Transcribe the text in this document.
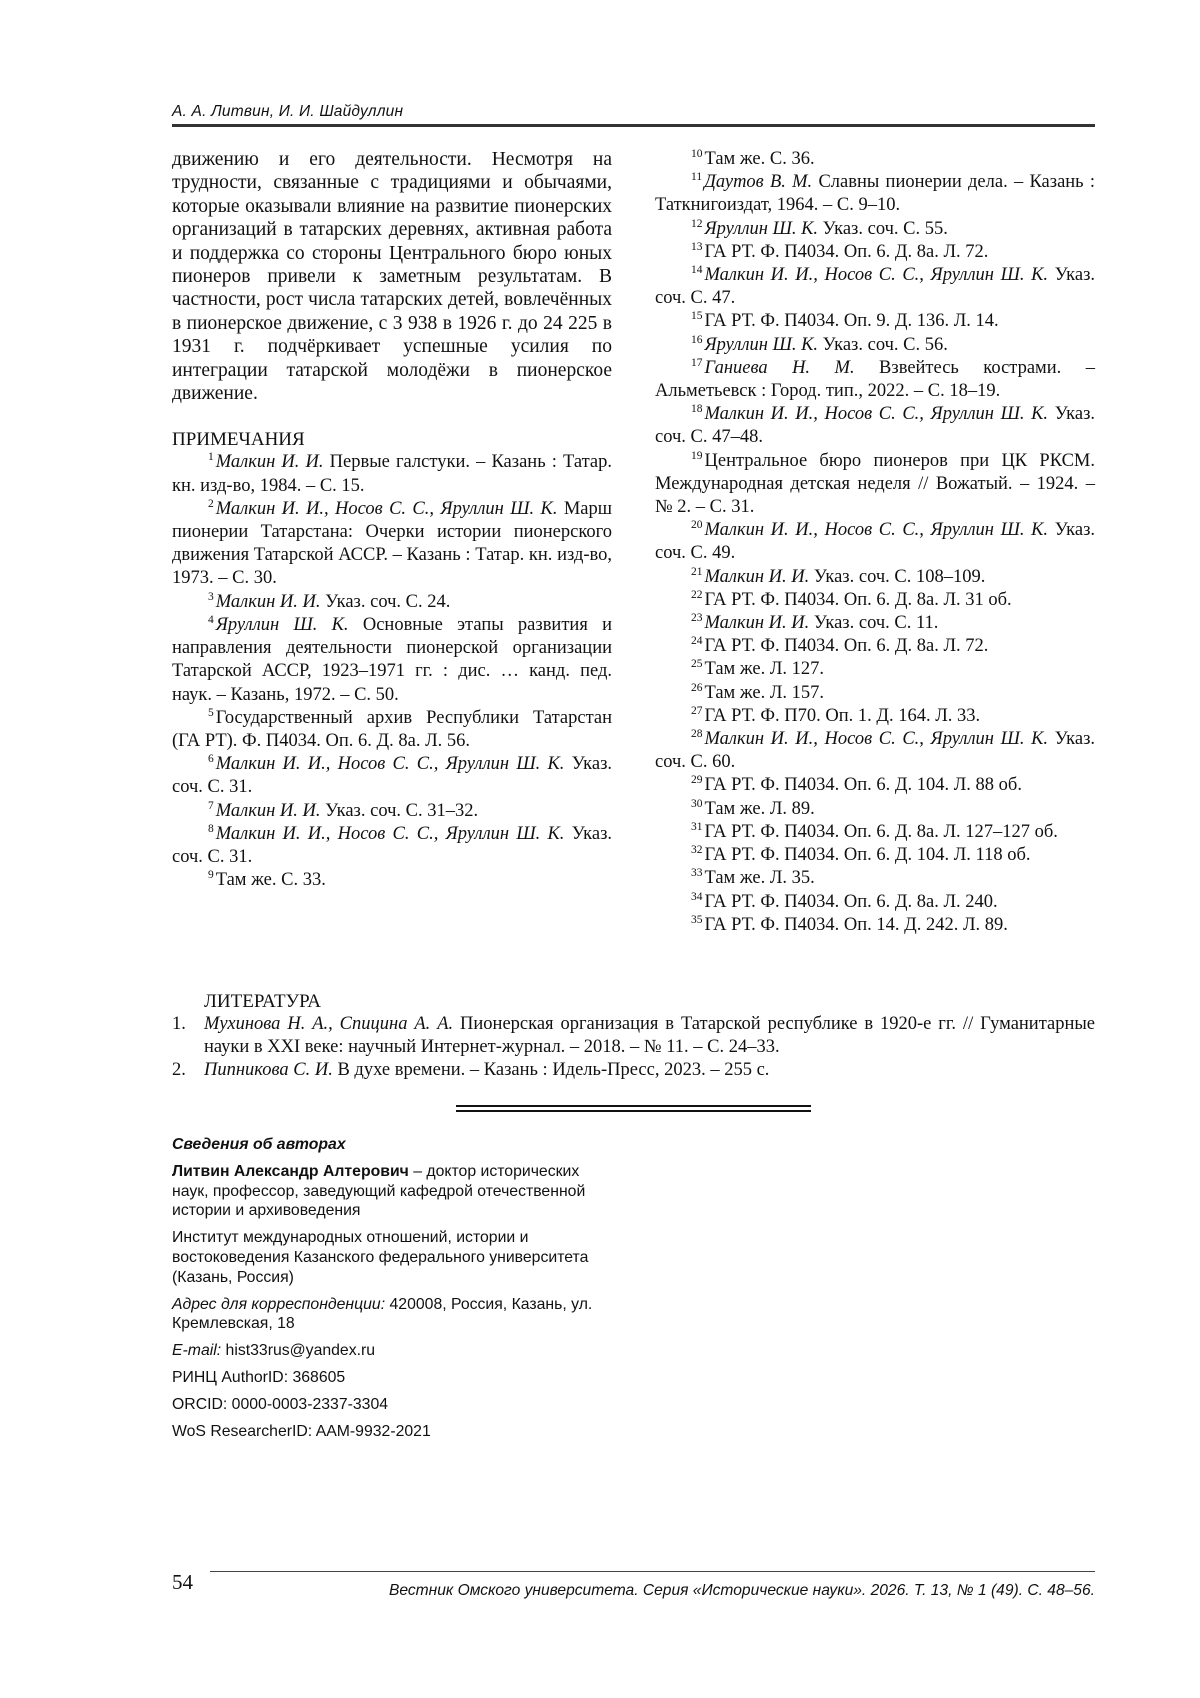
А. А. Литвин, И. И. Шайдуллин

движению и его деятельности. Несмотря на трудности, связанные с традициями и обычаями, которые оказывали влияние на развитие пионерских организаций в татарских деревнях, активная работа и поддержка со стороны Центрального бюро юных пионеров привели к заметным результатам. В частности, рост числа татарских детей, вовлечённых в пионерское движение, с 3 938 в 1926 г. до 24 225 в 1931 г. подчёркивает успешные усилия по интеграции татарской молодёжи в пионерское движение.

ПРИМЕЧАНИЯ

$^1$ Малкин И. И. Первые галстуки. – Казань : Татар. кн. изд-во, 1984. – С. 15.

$^2$ Малкин И. И., Носов С. С., Яруллин Ш. К. Марш пионерии Татарстана: Очерки истории пионерского движения Татарской АССР. – Казань : Татар. кн. изд-во, 1973. – С. 30.

$^3$ Малкин И. И. Указ. соч. С. 24.

$^4$ Яруллин Ш. К. Основные этапы развития и направления деятельности пионерской организации Татарской АССР, 1923–1971 гг. : дис. … канд. пед. наук. – Казань, 1972. – С. 50.

$^5$ Государственный архив Республики Татарстан (ГА РТ). Ф. П4034. Оп. 6. Д. 8а. Л. 56.

$^6$ Малкин И. И., Носов С. С., Яруллин Ш. К. Указ. соч. С. 31.

$^7$ Малкин И. И. Указ. соч. С. 31–32.

$^8$ Малкин И. И., Носов С. С., Яруллин Ш. К. Указ. соч. С. 31.

$^9$ Там же. С. 33.

$^{10}$ Там же. С. 36.

$^{11}$ Даутов В. М. Славны пионерии дела. – Казань : Таткнигоиздат, 1964. – С. 9–10.

$^{12}$ Яруллин Ш. К. Указ. соч. С. 55.

$^{13}$ ГА РТ. Ф. П4034. Оп. 6. Д. 8а. Л. 72.

$^{14}$ Малкин И. И., Носов С. С., Яруллин Ш. К. Указ. соч. С. 47.

$^{15}$ ГА РТ. Ф. П4034. Оп. 9. Д. 136. Л. 14.

$^{16}$ Яруллин Ш. К. Указ. соч. С. 56.

$^{17}$ Ганиева Н. М. Взвейтесь кострами. – Альметьевск : Город. тип., 2022. – С. 18–19.

$^{18}$ Малкин И. И., Носов С. С., Яруллин Ш. К. Указ. соч. С. 47–48.

$^{19}$ Центральное бюро пионеров при ЦК РКСМ. Международная детская неделя // Вожатый. – 1924. – № 2. – С. 31.

$^{20}$ Малкин И. И., Носов С. С., Яруллин Ш. К. Указ. соч. С. 49.

$^{21}$ Малкин И. И. Указ. соч. С. 108–109.

$^{22}$ ГА РТ. Ф. П4034. Оп. 6. Д. 8а. Л. 31 об.

$^{23}$ Малкин И. И. Указ. соч. С. 11.

$^{24}$ ГА РТ. Ф. П4034. Оп. 6. Д. 8а. Л. 72.

$^{25}$ Там же. Л. 127.

$^{26}$ Там же. Л. 157.

$^{27}$ ГА РТ. Ф. П70. Оп. 1. Д. 164. Л. 33.

$^{28}$ Малкин И. И., Носов С. С., Яруллин Ш. К. Указ. соч. С. 60.

$^{29}$ ГА РТ. Ф. П4034. Оп. 6. Д. 104. Л. 88 об.

$^{30}$ Там же. Л. 89.

$^{31}$ ГА РТ. Ф. П4034. Оп. 6. Д. 8а. Л. 127–127 об.

$^{32}$ ГА РТ. Ф. П4034. Оп. 6. Д. 104. Л. 118 об.

$^{33}$ Там же. Л. 35.

$^{34}$ ГА РТ. Ф. П4034. Оп. 6. Д. 8а. Л. 240.

$^{35}$ ГА РТ. Ф. П4034. Оп. 14. Д. 242. Л. 89.

ЛИТЕРАТУРА

1. Мухинова Н. А., Спицина А. А. Пионерская организация в Татарской республике в 1920-е гг. // Гуманитарные науки в XXI веке: научный Интернет-журнал. – 2018. – № 11. – С. 24–33.
2. Пипникова С. И. В духе времени. – Казань : Идель-Пресс, 2023. – 255 с.

Сведения об авторах

Литвин Александр Алтерович – доктор исторических наук, профессор, заведующий кафедрой отечественной истории и архивоведения

Институт международных отношений, истории и востоковедения Казанского федерального университета (Казань, Россия)

Адрес для корреспонденции: 420008, Россия, Казань, ул. Кремлевская, 18

E-mail: hist33rus@yandex.ru

РИНЦ AuthorID: 368605

ORCID: 0000-0003-2337-3304

WoS ResearcherID: AAM-9932-2021

54	Вестник Омского университета. Серия «Исторические науки». 2026. Т. 13, № 1 (49). С. 48–56.
